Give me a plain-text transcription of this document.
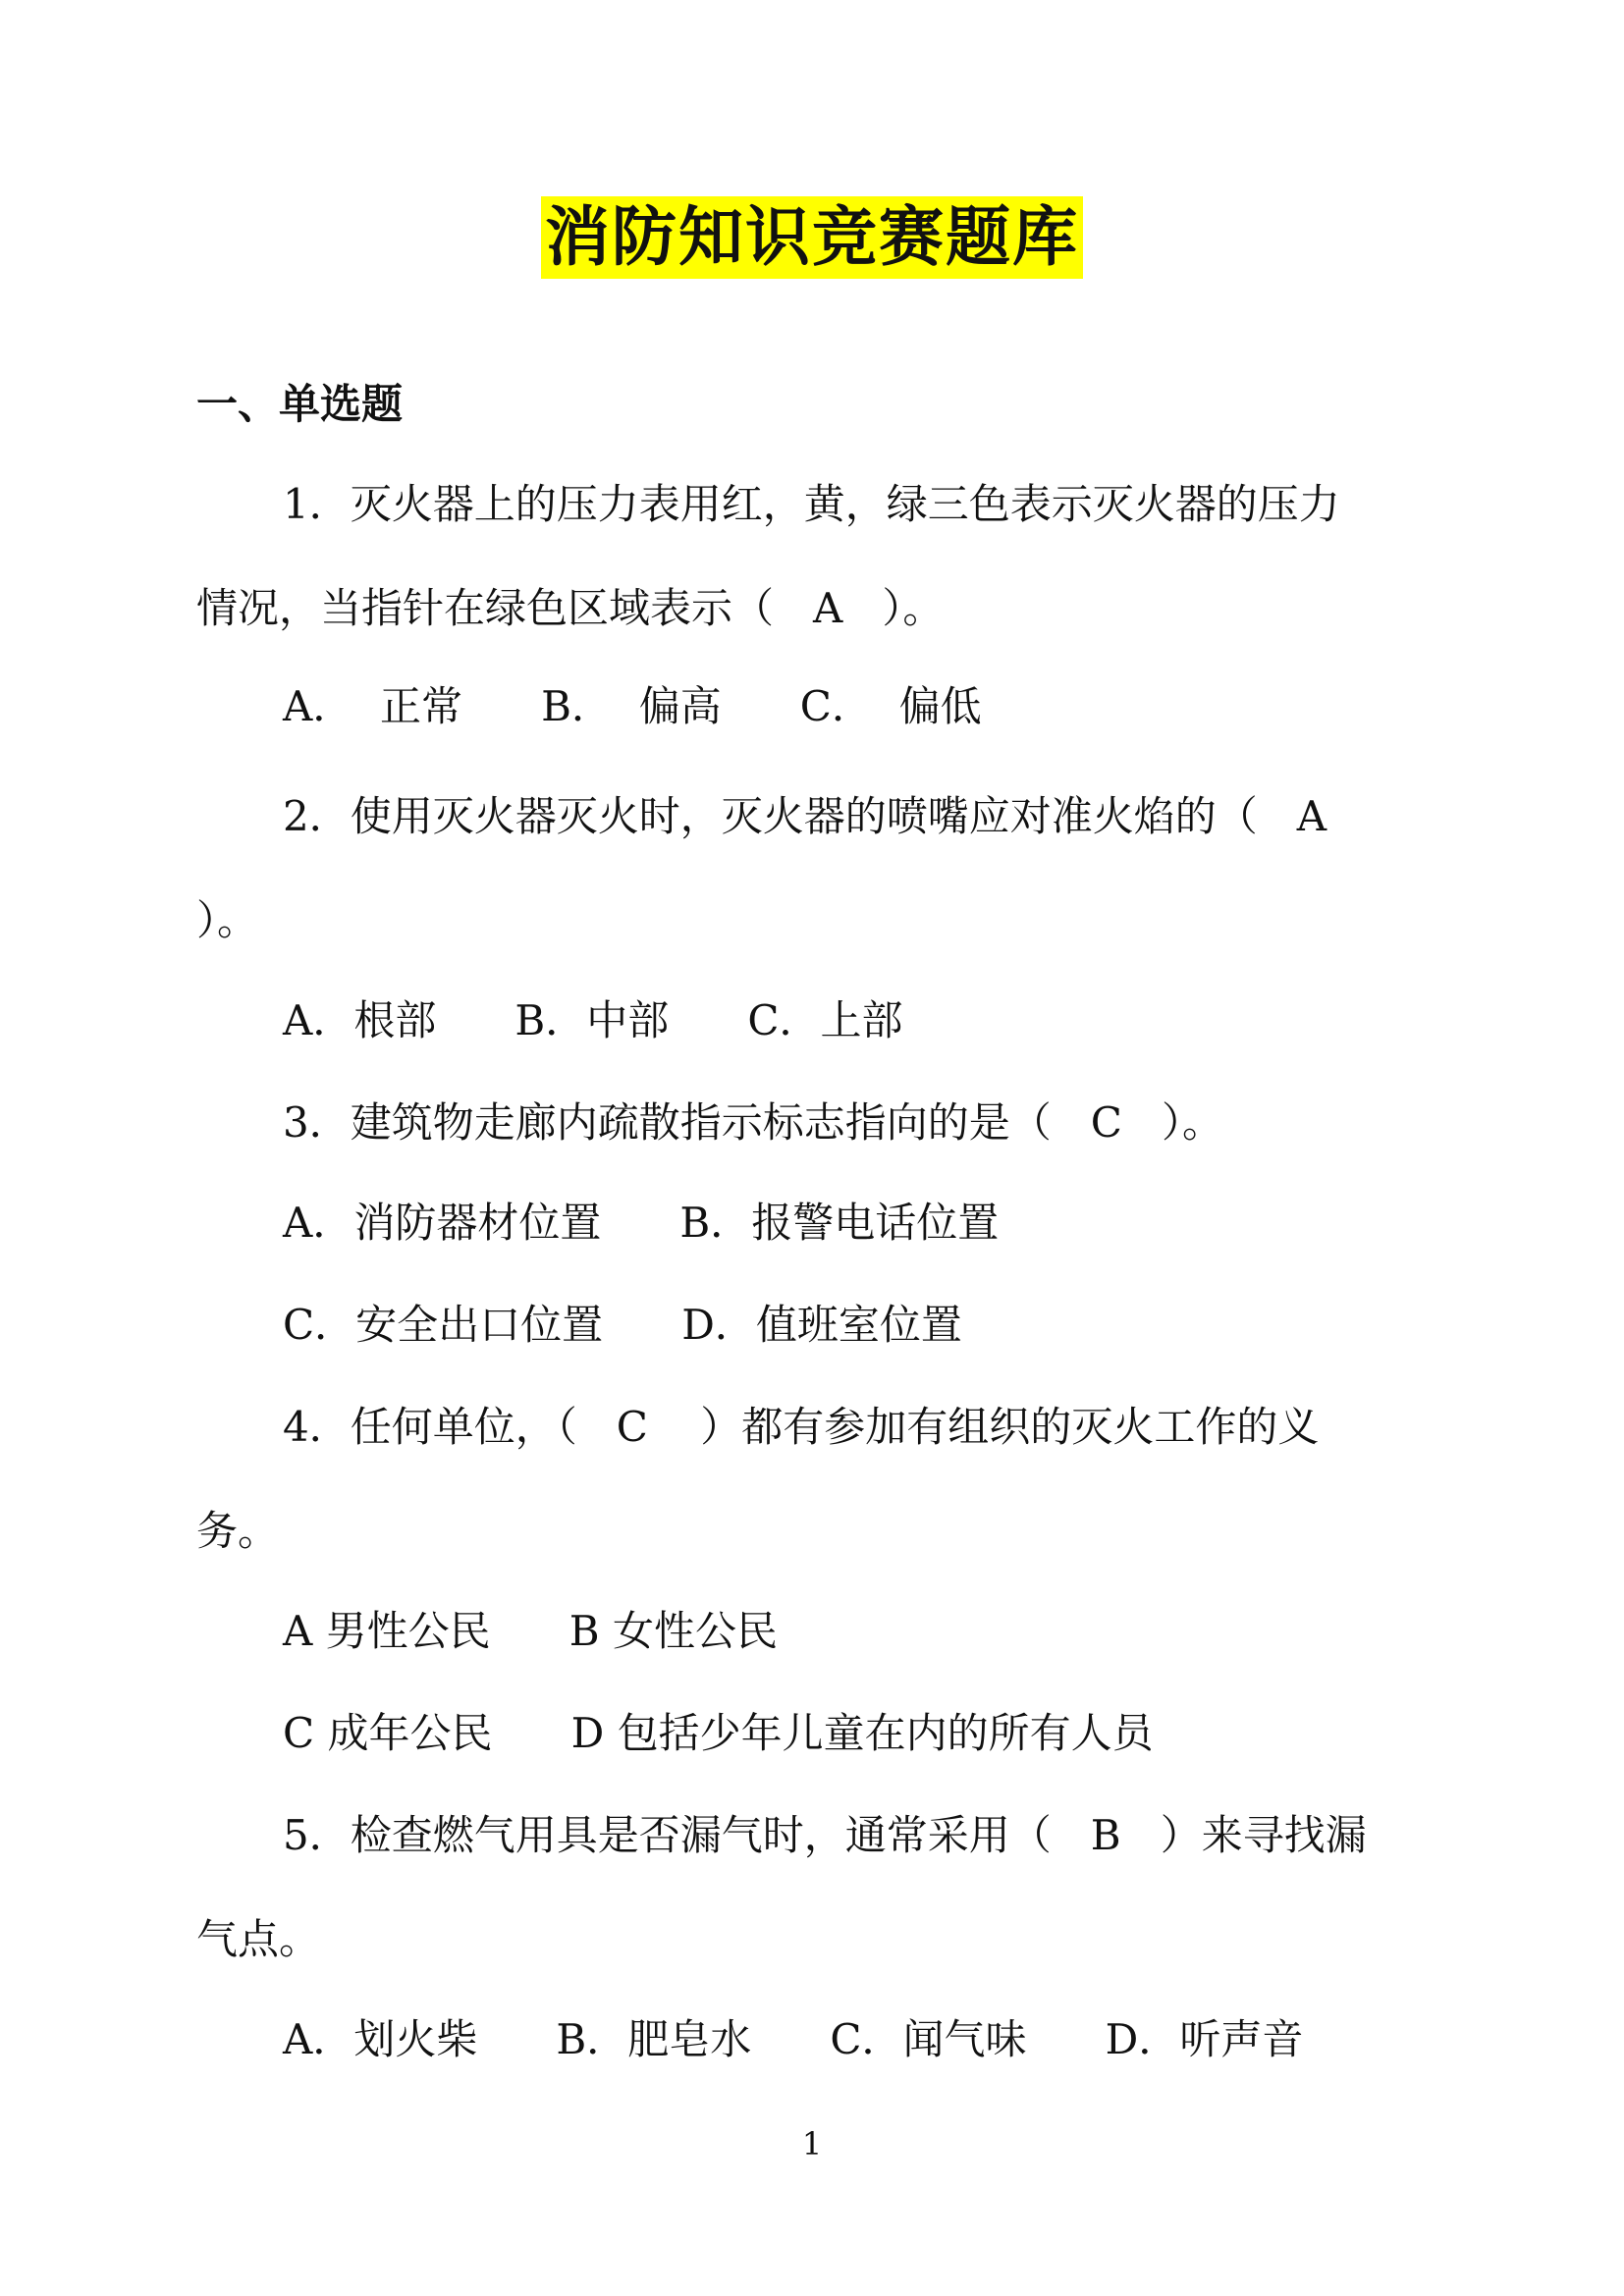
消防知识竞赛题库
一、单选题
1．灭火器上的压力表用红，黄，绿三色表示灭火器的压力
情况，当指针在绿色区域表示（   A   ）。
A．  正常      B．  偏高      C．  偏低
2．使用灭火器灭火时，灭火器的喷嘴应对准火焰的（   A
）。
A．根部      B．中部      C．上部
3．建筑物走廊内疏散指示标志指向的是（   C   ）。
A．消防器材位置      B．报警电话位置
C．安全出口位置      D．值班室位置
4．任何单位，（   C    ）都有参加有组织的灭火工作的义
务。
A 男性公民      B 女性公民
C 成年公民      D 包括少年儿童在内的所有人员
5．检查燃气用具是否漏气时，通常采用（   B   ）来寻找漏
气点。
A．划火柴      B．肥皂水      C．闻气味      D．听声音
1
